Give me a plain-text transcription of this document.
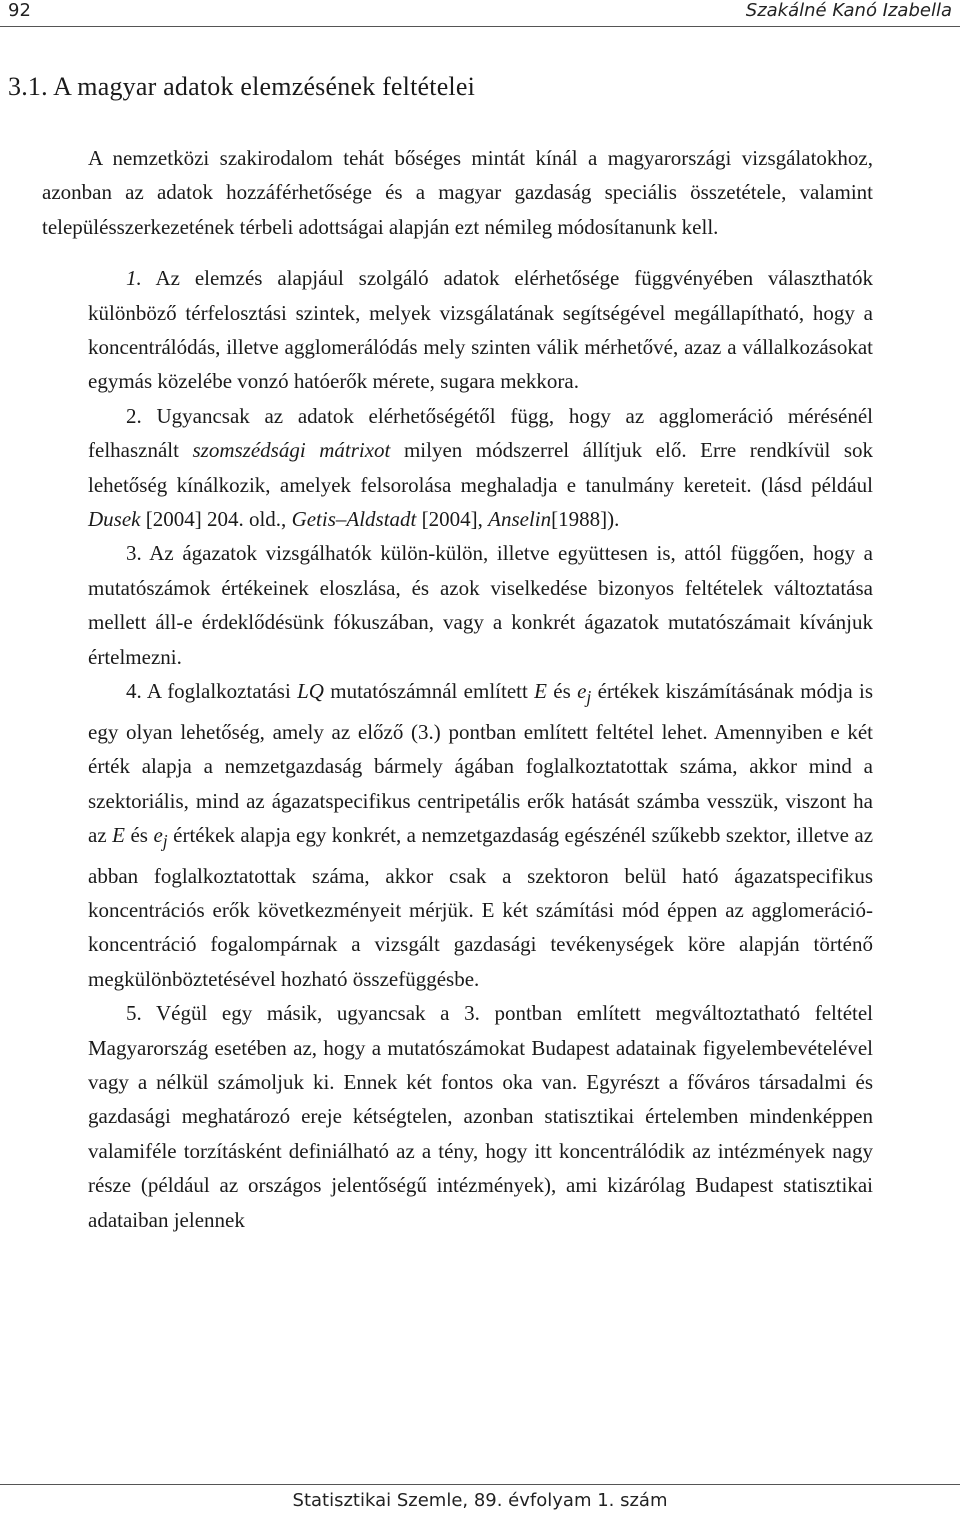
92	Szakálné Kanó Izabella
3.1. A magyar adatok elemzésének feltételei

A nemzetközi szakirodalom tehát bőséges mintát kínál a magyarországi vizsgálatokhoz, azonban az adatok hozzáférhetősége és a magyar gazdaság speciális összetétele, valamint településszerkezetének térbeli adottságai alapján ezt némileg módosítanunk kell.

1. Az elemzés alapjául szolgáló adatok elérhetősége függvényében választhatók különböző térfelosztási szintek, melyek vizsgálatának segítségével megállapítható, hogy a koncentrálódás, illetve agglomerálódás mely szinten válik mérhetővé, azaz a vállalkozásokat egymás közelébe vonzó hatóerők mérete, sugara mekkora.

2. Ugyancsak az adatok elérhetőségétől függ, hogy az agglomeráció mérésénél felhasznált szomszédsági mátrixot milyen módszerrel állítjuk elő. Erre rendkívül sok lehetőség kínálkozik, amelyek felsorolása meghaladja e tanulmány kereteit. (lásd például Dusek [2004] 204. old., Getis–Aldstadt [2004], Anselin[1988]).

3. Az ágazatok vizsgálhatók külön-külön, illetve együttesen is, attól függően, hogy a mutatószámok értékeinek eloszlása, és azok viselkedése bizonyos feltételek változtatása mellett áll-e érdeklődésünk fókuszában, vagy a konkrét ágazatok mutatószámait kívánjuk értelmezni.

4. A foglalkoztatási LQ mutatószámnál említett E és $e_j$ értékek kiszámításának módja is egy olyan lehetőség, amely az előző (3.) pontban említett feltétel lehet. Amennyiben e két érték alapja a nemzetgazdaság bármely ágában foglalkoztatottak száma, akkor mind a szektoriális, mind az ágazatspecifikus centripetális erők hatását számba vesszük, viszont ha az E és $e_j$ értékek alapja egy konkrét, a nemzetgazdaság egészénél szűkebb szektor, illetve az abban foglalkoztatottak száma, akkor csak a szektoron belül ható ágazatspecifikus koncentrációs erők következményeit mérjük. E két számítási mód éppen az agglomeráció-koncentráció fogalompárnak a vizsgált gazdasági tevékenységek köre alapján történő megkülönböztetésével hozható összefüggésbe.

5. Végül egy másik, ugyancsak a 3. pontban említett megváltoztatható feltétel Magyarország esetében az, hogy a mutatószámokat Budapest adatainak figyelembevételével vagy a nélkül számoljuk ki. Ennek két fontos oka van. Egyrészt a főváros társadalmi és gazdasági meghatározó ereje kétségtelen, azonban statisztikai értelemben mindenképpen valamiféle torzításként definiálható az a tény, hogy itt koncentrálódik az intézmények nagy része (például az országos jelentőségű intézmények), ami kizárólag Budapest statisztikai adataiban jelennek

Statisztikai Szemle, 89. évfolyam 1. szám
